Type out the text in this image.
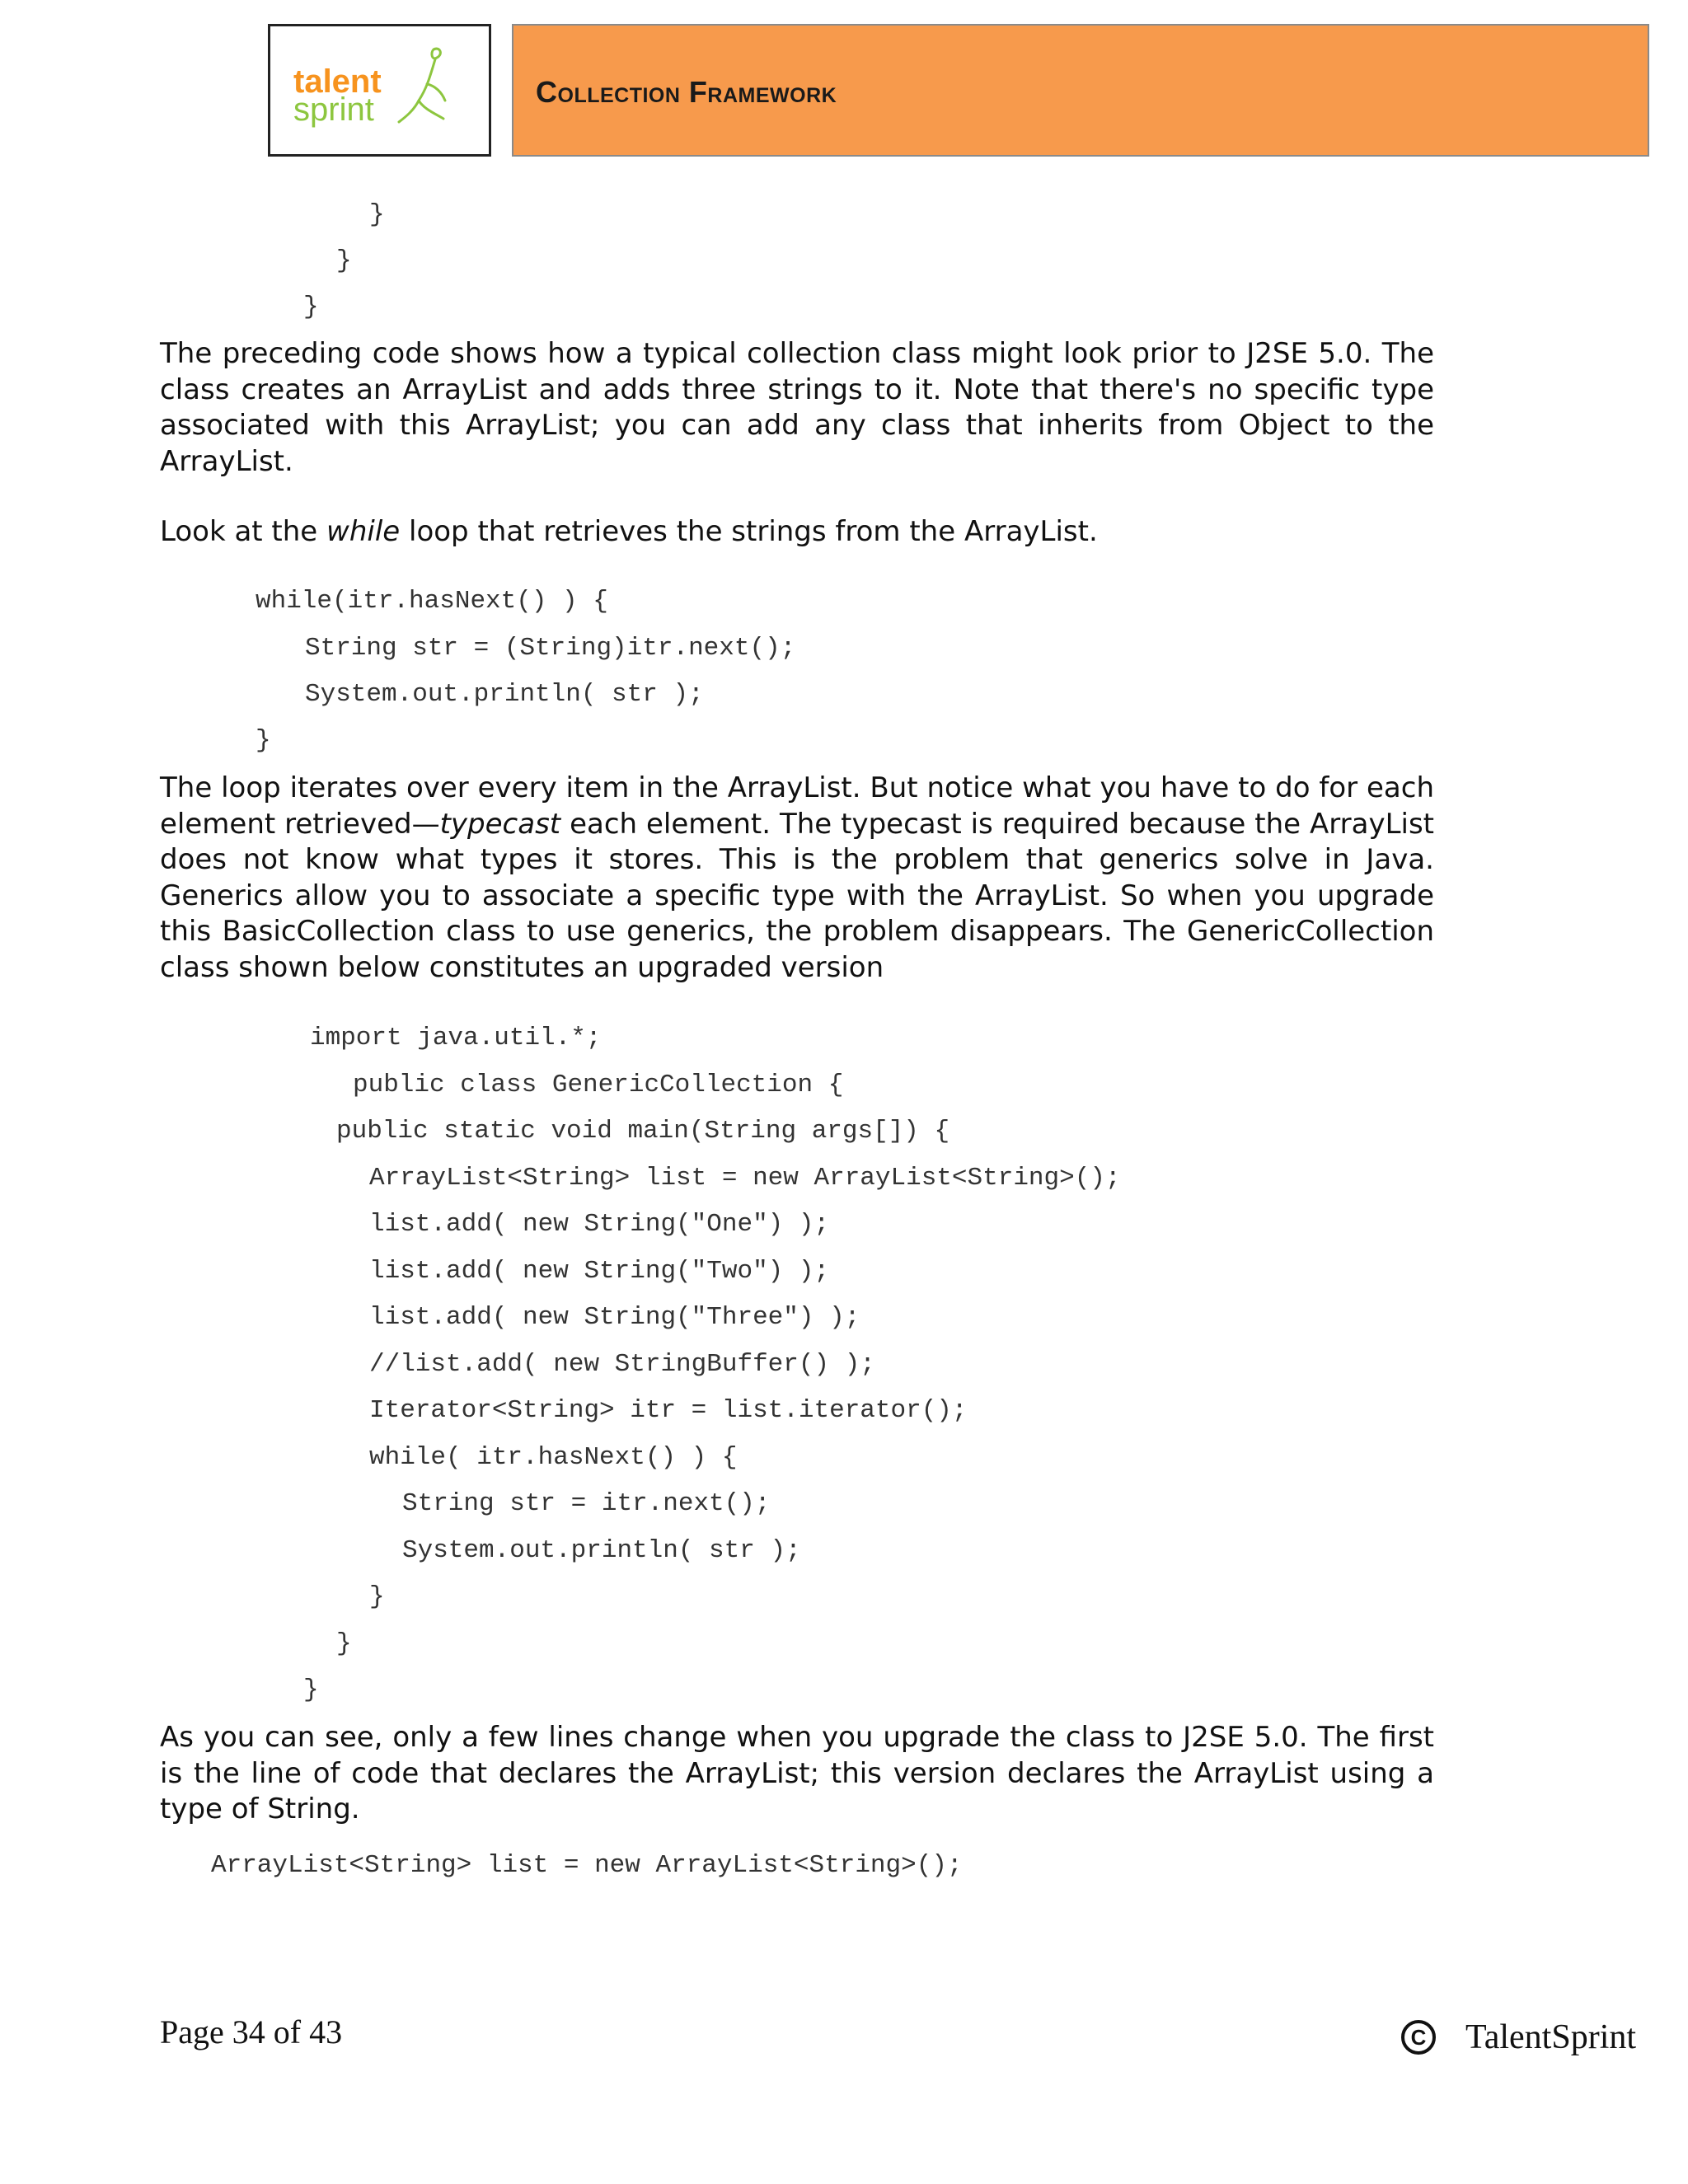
talent
sprint	Collection Framework
}
}
}
The preceding code shows how a typical collection class might look prior to J2SE 5.0. The class creates an ArrayList and adds three strings to it. Note that there's no specific type associated with this ArrayList; you can add any class that inherits from Object to the ArrayList.
Look at the while loop that retrieves the strings from the ArrayList.
while(itr.hasNext() ) {
String str = (String)itr.next();
System.out.println( str );
}
The loop iterates over every item in the ArrayList. But notice what you have to do for each element retrieved—typecast each element. The typecast is required because the ArrayList does not know what types it stores. This is the problem that generics solve in Java. Generics allow you to associate a specific type with the ArrayList. So when you upgrade this BasicCollection class to use generics, the problem disappears. The GenericCollection class shown below constitutes an upgraded version
import java.util.*;
public class GenericCollection {
public static void main(String args[]) {
ArrayList<String> list = new ArrayList<String>();
list.add( new String("One") );
list.add( new String("Two") );
list.add( new String("Three") );
//list.add( new StringBuffer() );
Iterator<String> itr = list.iterator();
while( itr.hasNext() ) {
String str = itr.next();
System.out.println( str );
}
}
}
As you can see, only a few lines change when you upgrade the class to J2SE 5.0. The first is the line of code that declares the ArrayList; this version declares the ArrayList using a type of String.
ArrayList<String> list = new ArrayList<String>();
Page 34 of 43	C TalentSprint
